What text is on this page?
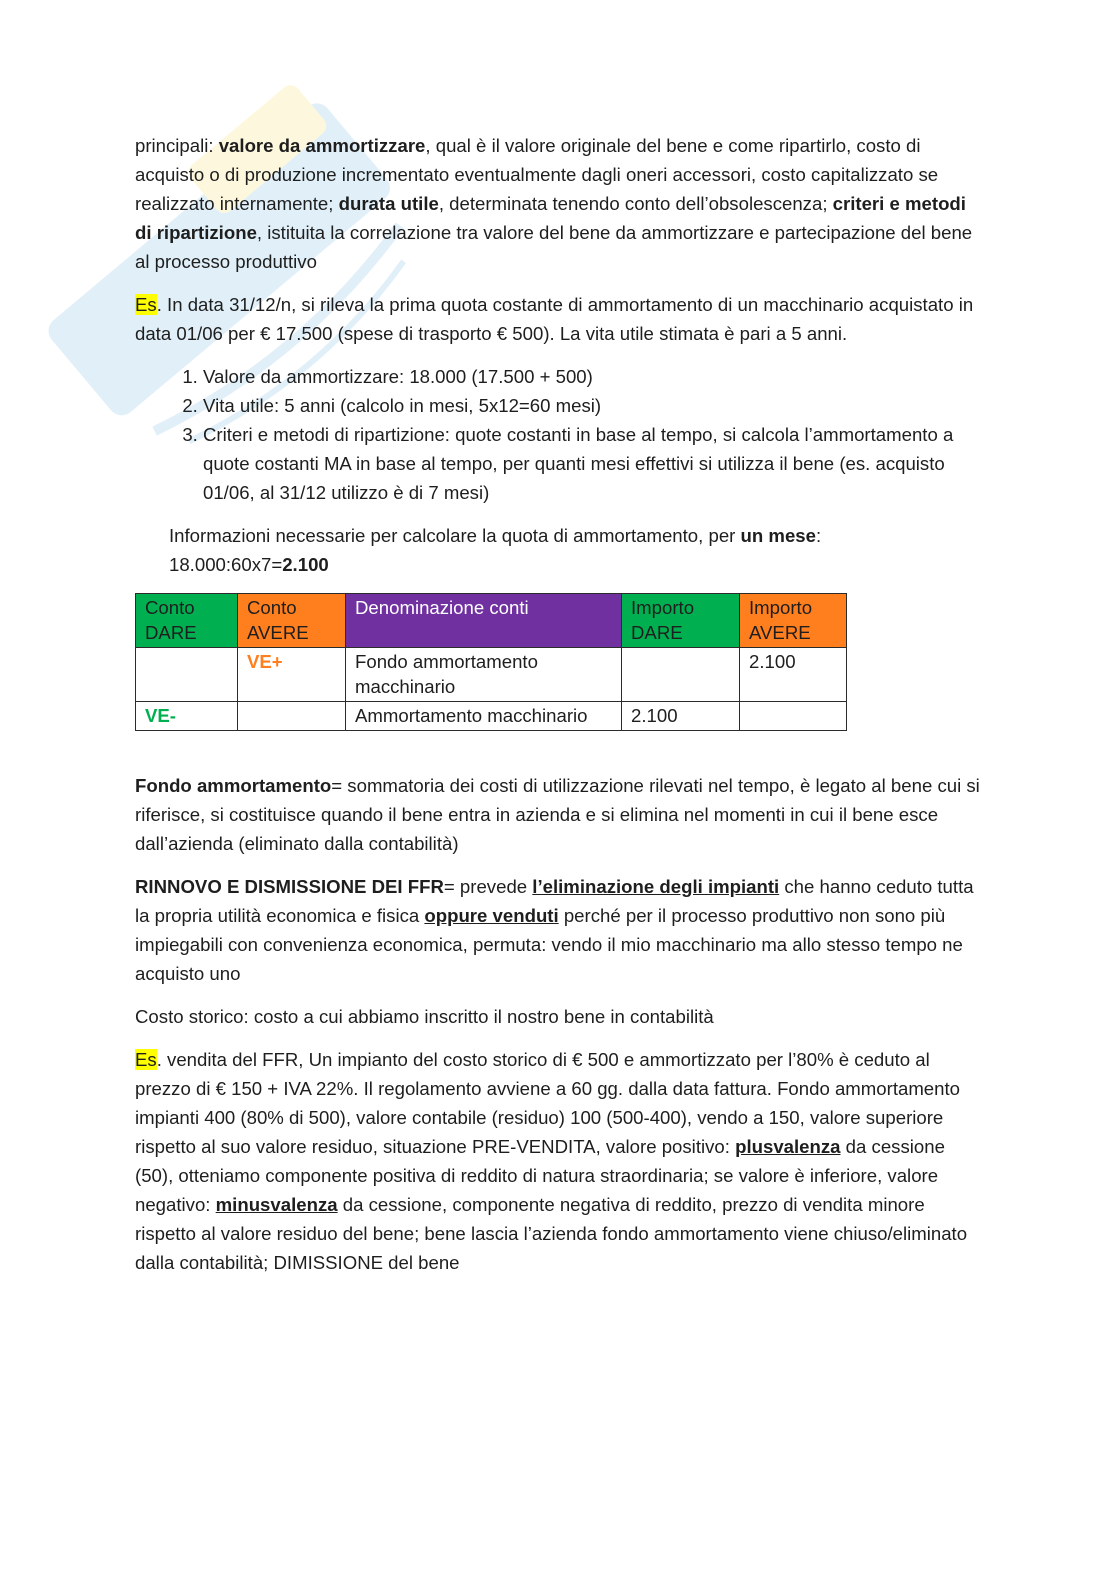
principali: valore da ammortizzare, qual è il valore originale del bene e come ripartirlo, costo di acquisto o di produzione incrementato eventualmente dagli oneri accessori, costo capitalizzato se realizzato internamente; durata utile, determinata tenendo conto dell’obsolescenza; criteri e metodi di ripartizione, istituita la correlazione tra valore del bene da ammortizzare e partecipazione del bene al processo produttivo

Es. In data 31/12/n, si rileva la prima quota costante di ammortamento di un macchinario acquistato in data 01/06 per € 17.500 (spese di trasporto € 500). La vita utile stimata è pari a 5 anni.

1. Valore da ammortizzare: 18.000 (17.500 + 500)
2. Vita utile: 5 anni (calcolo in mesi, 5x12=60 mesi)
3. Criteri e metodi di ripartizione: quote costanti in base al tempo, si calcola l’ammortamento a quote costanti MA in base al tempo, per quanti mesi effettivi si utilizza il bene (es. acquisto 01/06, al 31/12 utilizzo è di 7 mesi)

Informazioni necessarie per calcolare la quota di ammortamento, per un mese: 18.000:60x7=2.100

Conto DARE	Conto AVERE	Denominazione conti	Importo DARE	Importo AVERE
	VE+	Fondo ammortamento macchinario		2.100
VE-		Ammortamento macchinario	2.100	

Fondo ammortamento= sommatoria dei costi di utilizzazione rilevati nel tempo, è legato al bene cui si riferisce, si costituisce quando il bene entra in azienda e si elimina nel momenti in cui il bene esce dall’azienda (eliminato dalla contabilità)

RINNOVO E DISMISSIONE DEI FFR= prevede l’eliminazione degli impianti che hanno ceduto tutta la propria utilità economica e fisica oppure venduti perché per il processo produttivo non sono più impiegabili con convenienza economica, permuta: vendo il mio macchinario ma allo stesso tempo ne acquisto uno

Costo storico: costo a cui abbiamo inscritto il nostro bene in contabilità

Es. vendita del FFR, Un impianto del costo storico di € 500 e ammortizzato per l’80% è ceduto al prezzo di € 150 + IVA 22%. Il regolamento avviene a 60 gg. dalla data fattura. Fondo ammortamento impianti 400 (80% di 500), valore contabile (residuo) 100 (500-400), vendo a 150, valore superiore rispetto al suo valore residuo, situazione PRE-VENDITA, valore positivo: plusvalenza da cessione (50), otteniamo componente positiva di reddito di natura straordinaria; se valore è inferiore, valore negativo: minusvalenza da cessione, componente negativa di reddito, prezzo di vendita minore rispetto al valore residuo del bene; bene lascia l’azienda fondo ammortamento viene chiuso/eliminato dalla contabilità; DIMISSIONE del bene
